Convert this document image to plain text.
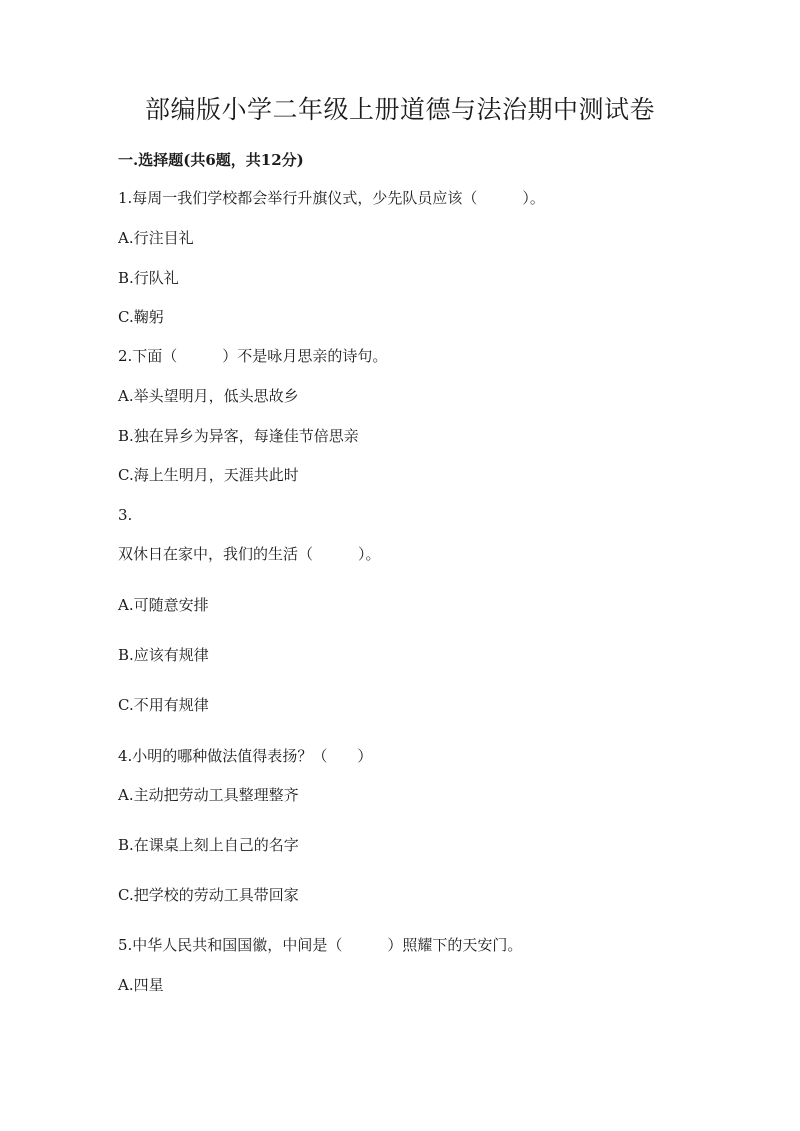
部编版小学二年级上册道德与法治期中测试卷
一.选择题(共6题，共12分)

1.每周一我们学校都会举行升旗仪式，少先队员应该（　　　）。

A.行注目礼

B.行队礼

C.鞠躬

2.下面（　　　）不是咏月思亲的诗句。

A.举头望明月，低头思故乡

B.独在异乡为异客，每逢佳节倍思亲

C.海上生明月，天涯共此时

3.

双休日在家中，我们的生活（　　　）。

A.可随意安排

B.应该有规律

C.不用有规律

4.小明的哪种做法值得表扬？（　　）

A.主动把劳动工具整理整齐

B.在课桌上刻上自己的名字

C.把学校的劳动工具带回家

5.中华人民共和国国徽，中间是（　　　）照耀下的天安门。

A.四星
